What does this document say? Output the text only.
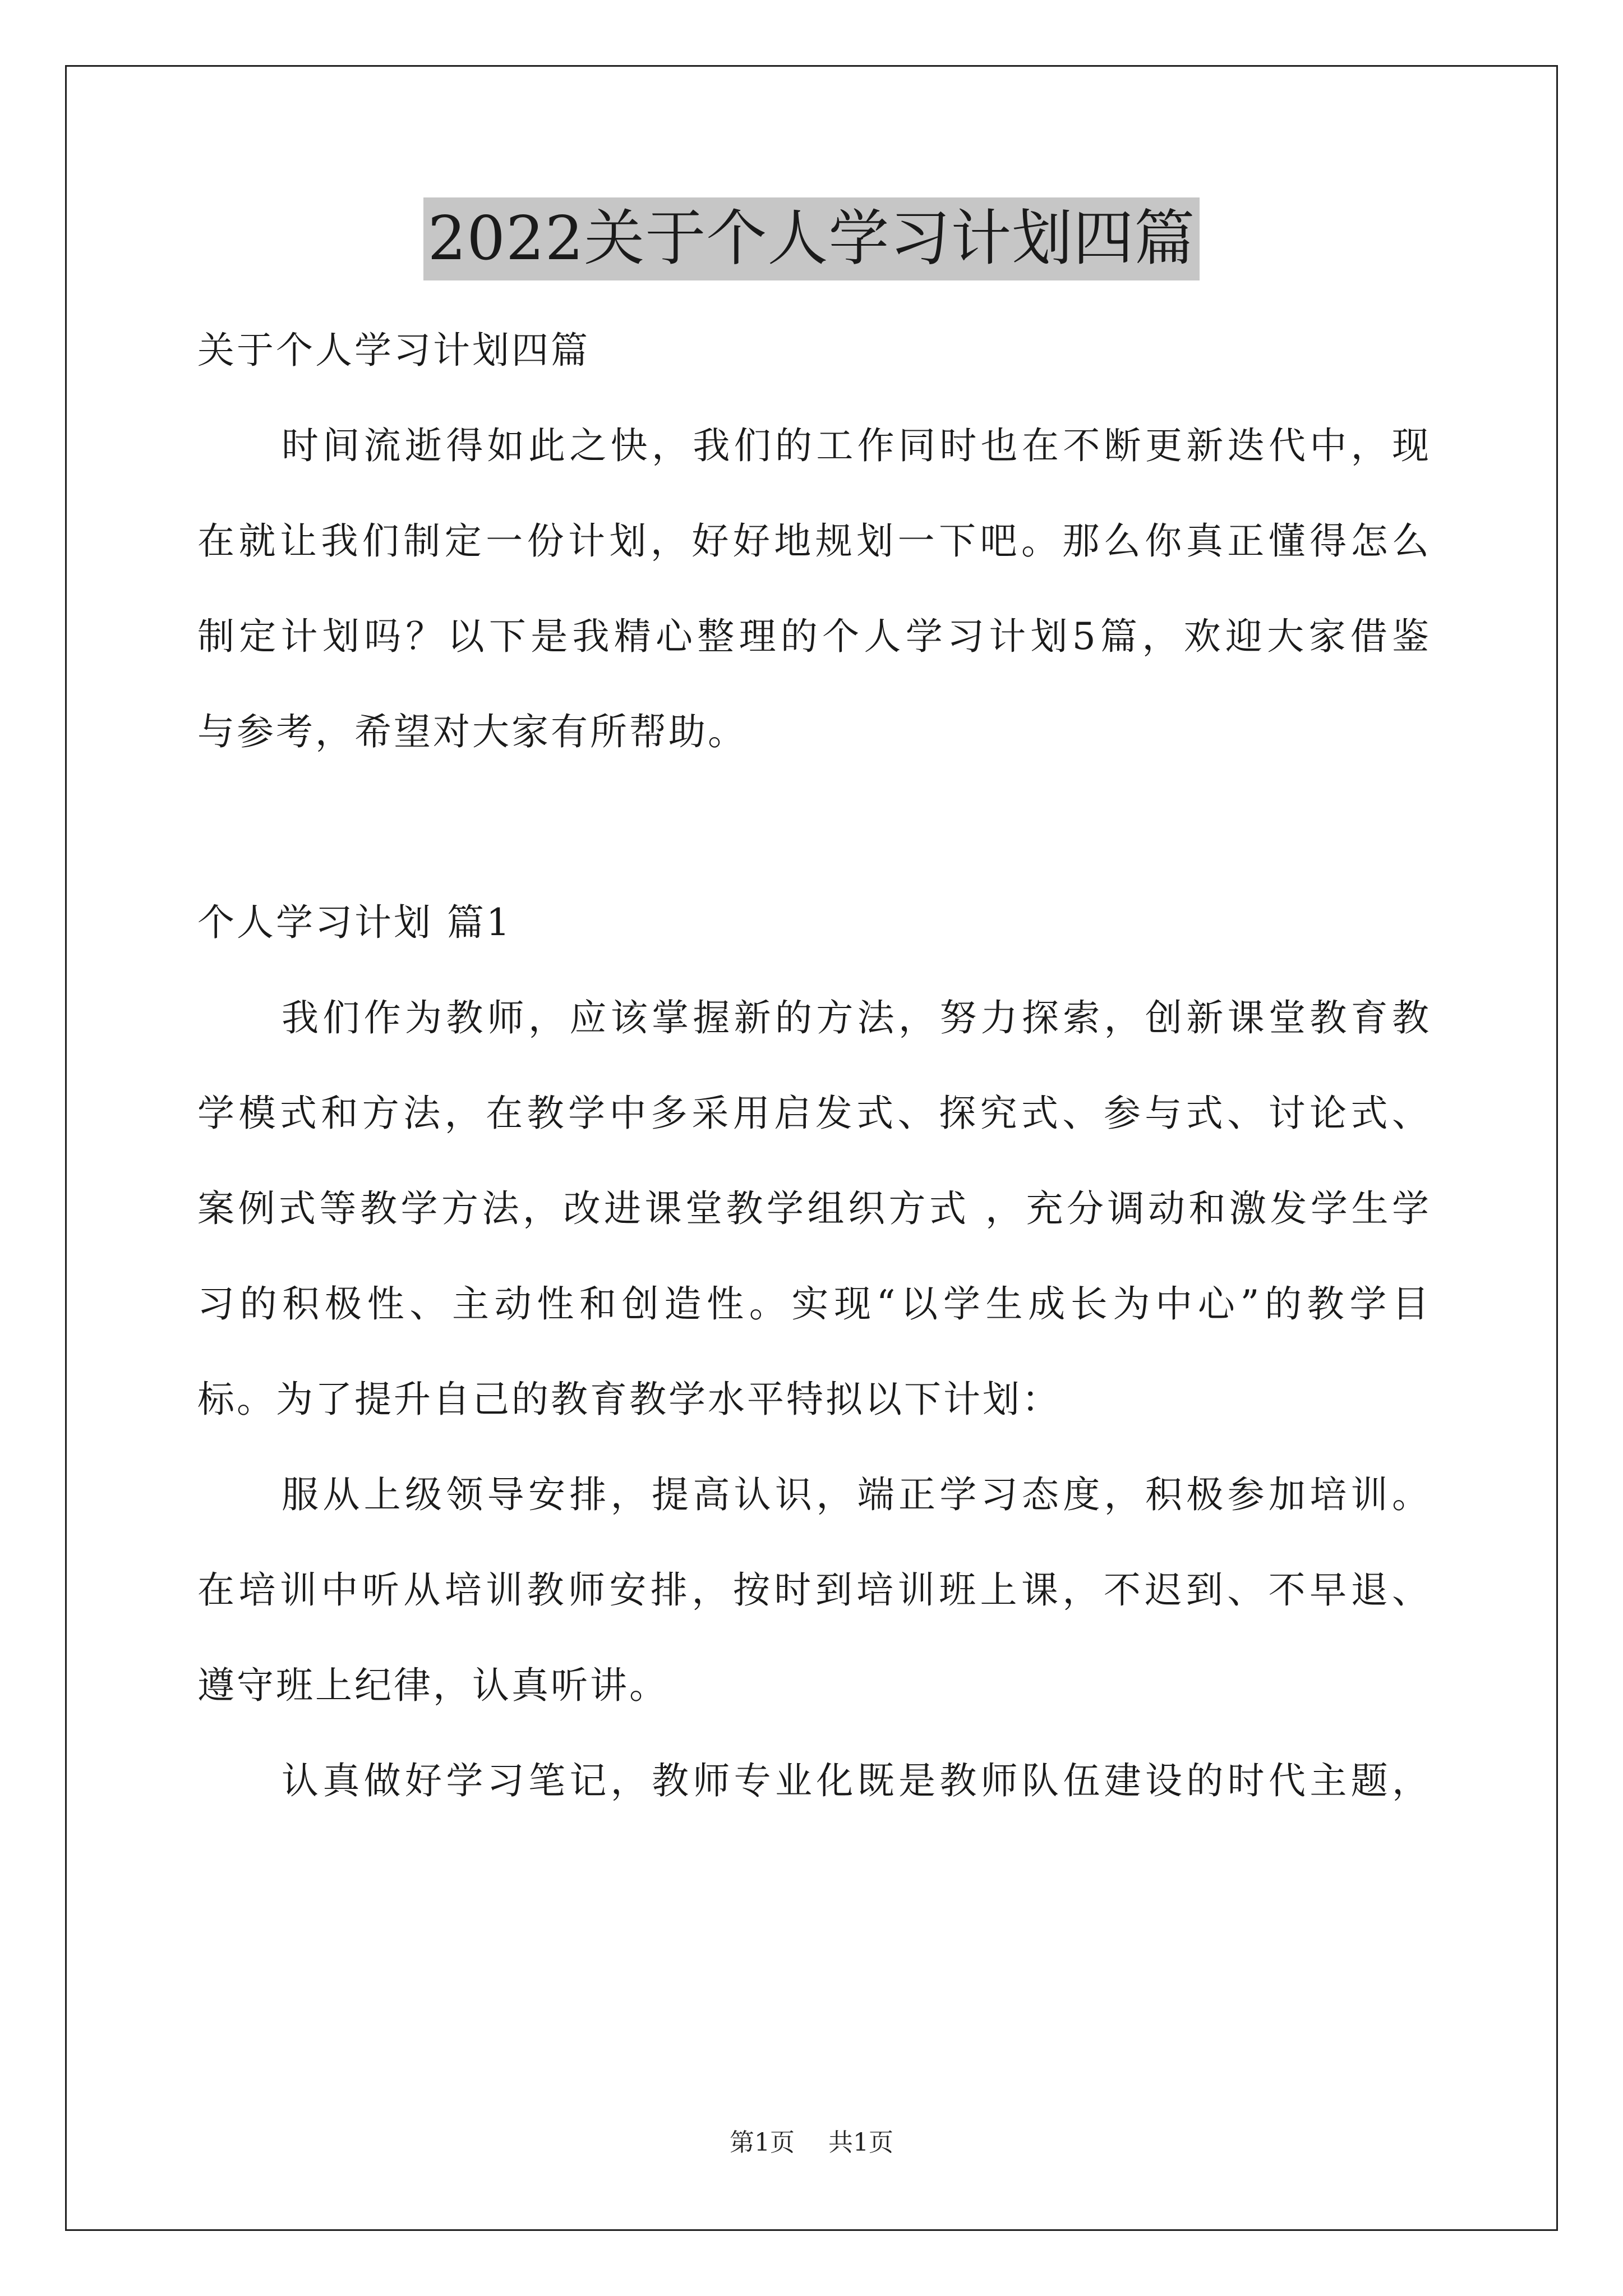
2022关于个人学习计划四篇
关于个人学习计划四篇
时间流逝得如此之快，我们的工作同时也在不断更新迭代中，现
在就让我们制定一份计划，好好地规划一下吧。那么你真正懂得怎么
制定计划吗？以下是我精心整理的个人学习计划5篇，欢迎大家借鉴
与参考，希望对大家有所帮助。
个人学习计划 篇1
我们作为教师，应该掌握新的方法，努力探索，创新课堂教育教
学模式和方法，在教学中多采用启发式、探究式、参与式、讨论式、
案例式等教学方法，改进课堂教学组织方式 ，充分调动和激发学生学
习的积极性、主动性和创造性。实现“以学生成长为中心”的教学目
标。为了提升自己的教育教学水平特拟以下计划：
服从上级领导安排，提高认识，端正学习态度，积极参加培训。
在培训中听从培训教师安排，按时到培训班上课，不迟到、不早退、
遵守班上纪律，认真听讲。
认真做好学习笔记，教师专业化既是教师队伍建设的时代主题，
第1页 共1页
